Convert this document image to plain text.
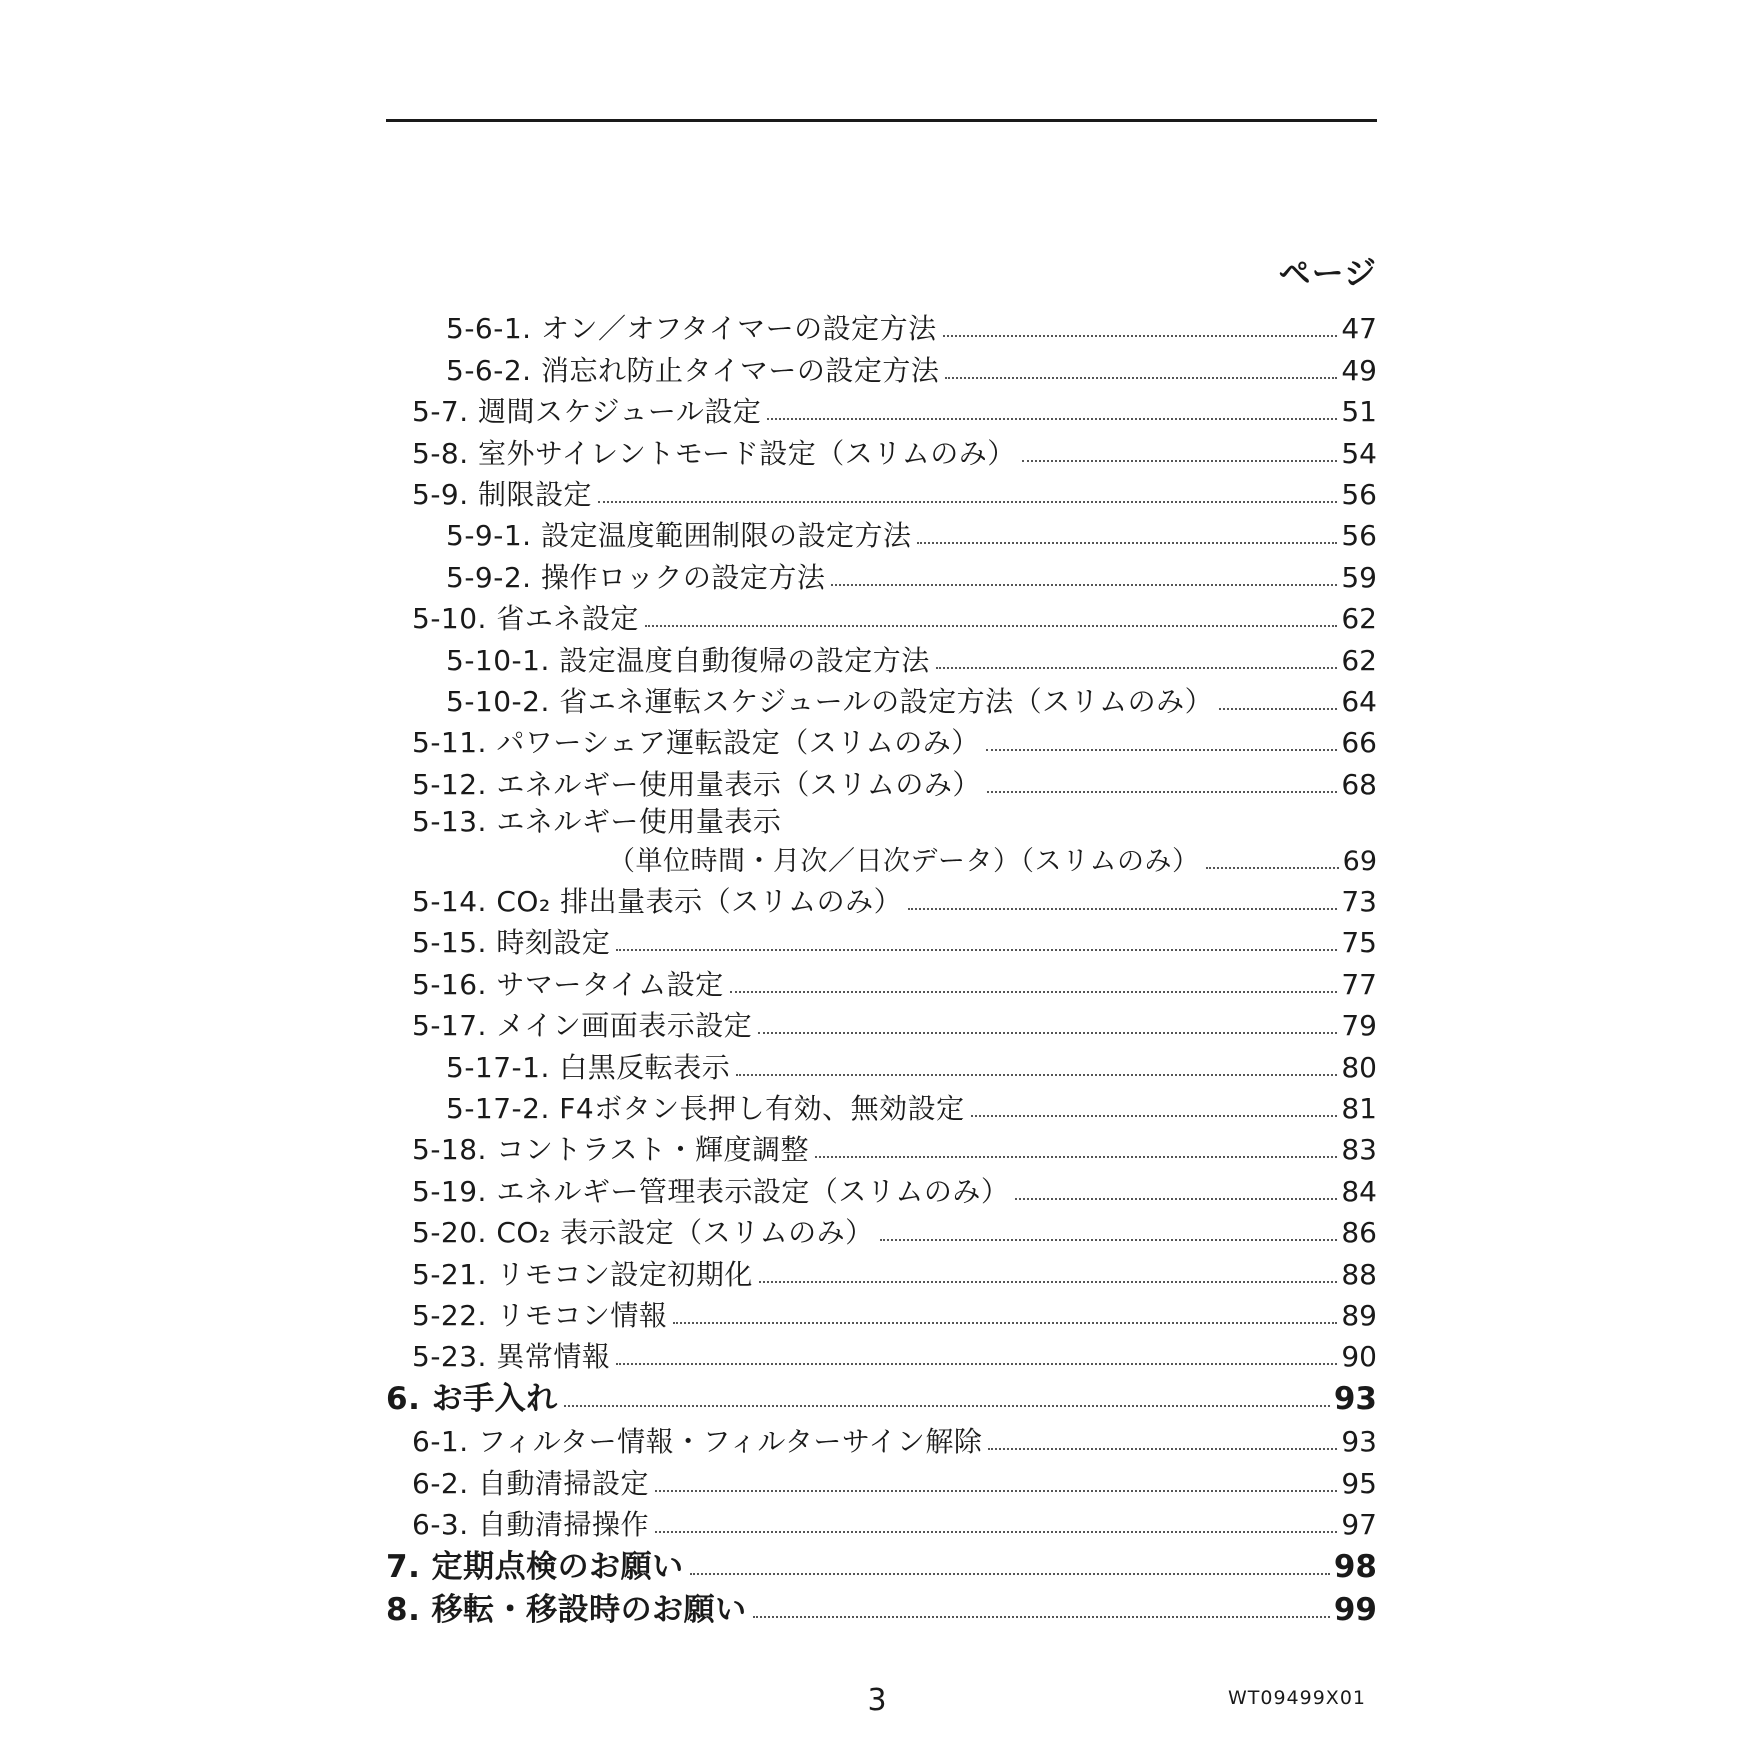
ページ
5-6-1. オン／オフタイマーの設定方法	47
5-6-2. 消忘れ防止タイマーの設定方法	49
5-7. 週間スケジュール設定	51
5-8. 室外サイレントモード設定（スリムのみ）	54
5-9. 制限設定	56
5-9-1. 設定温度範囲制限の設定方法	56
5-9-2. 操作ロックの設定方法	59
5-10. 省エネ設定	62
5-10-1. 設定温度自動復帰の設定方法	62
5-10-2. 省エネ運転スケジュールの設定方法（スリムのみ）	64
5-11. パワーシェア運転設定（スリムのみ）	66
5-12. エネルギー使用量表示（スリムのみ）	68
5-13. エネルギー使用量表示
（単位時間・月次／日次データ）（スリムのみ）	69
5-14. CO₂ 排出量表示（スリムのみ）	73
5-15. 時刻設定	75
5-16. サマータイム設定	77
5-17. メイン画面表示設定	79
5-17-1. 白黒反転表示	80
5-17-2. F4ボタン長押し有効、無効設定	81
5-18. コントラスト・輝度調整	83
5-19. エネルギー管理表示設定（スリムのみ）	84
5-20. CO₂ 表示設定（スリムのみ）	86
5-21. リモコン設定初期化	88
5-22. リモコン情報	89
5-23. 異常情報	90
6. お手入れ	93
6-1. フィルター情報・フィルターサイン解除	93
6-2. 自動清掃設定	95
6-3. 自動清掃操作	97
7. 定期点検のお願い	98
8. 移転・移設時のお願い	99
3	WT09499X01
